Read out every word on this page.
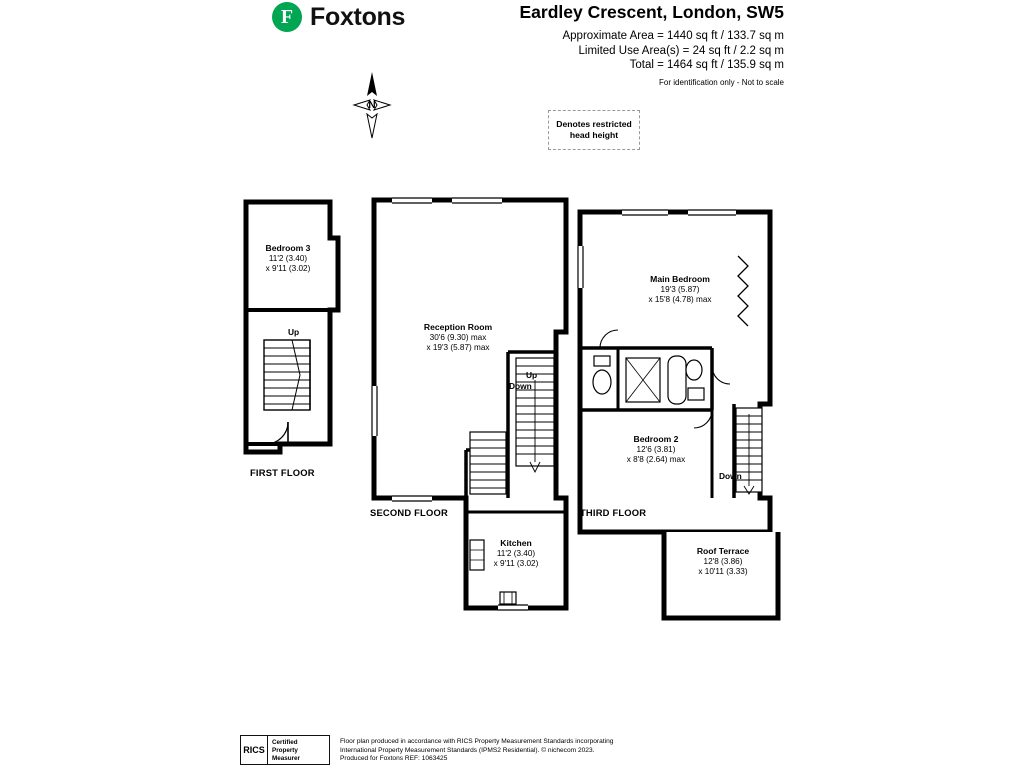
F Foxtons	Eardley Crescent, London, SW5
Approximate Area = 1440 sq ft / 133.7 sq m
Limited Use Area(s) = 24 sq ft / 2.2 sq m
Total = 1464 sq ft / 135.9 sq m
For identification only - Not to scale
N
Denotes restricted
head height
Bedroom 3
11'2 (3.40)
x 9'11 (3.02)
Reception Room
30'6 (9.30) max
x 19'3 (5.87) max
Kitchen
11'2 (3.40)
x 9'11 (3.02)
Main Bedroom
19'3 (5.87)
x 15'8 (4.78) max
Bedroom 2
12'6 (3.81)
x 8'8 (2.64) max
Roof Terrace
12'8 (3.86)
x 10'11 (3.33)
Up
Up
Down
Down
FIRST FLOOR
SECOND FLOOR	THIRD FLOOR
RICS
Certified
Property
Measurer
Floor plan produced in accordance with RICS Property Measurement Standards incorporating
International Property Measurement Standards (IPMS2 Residential). © nichecom 2023.
Produced for Foxtons REF: 1063425
